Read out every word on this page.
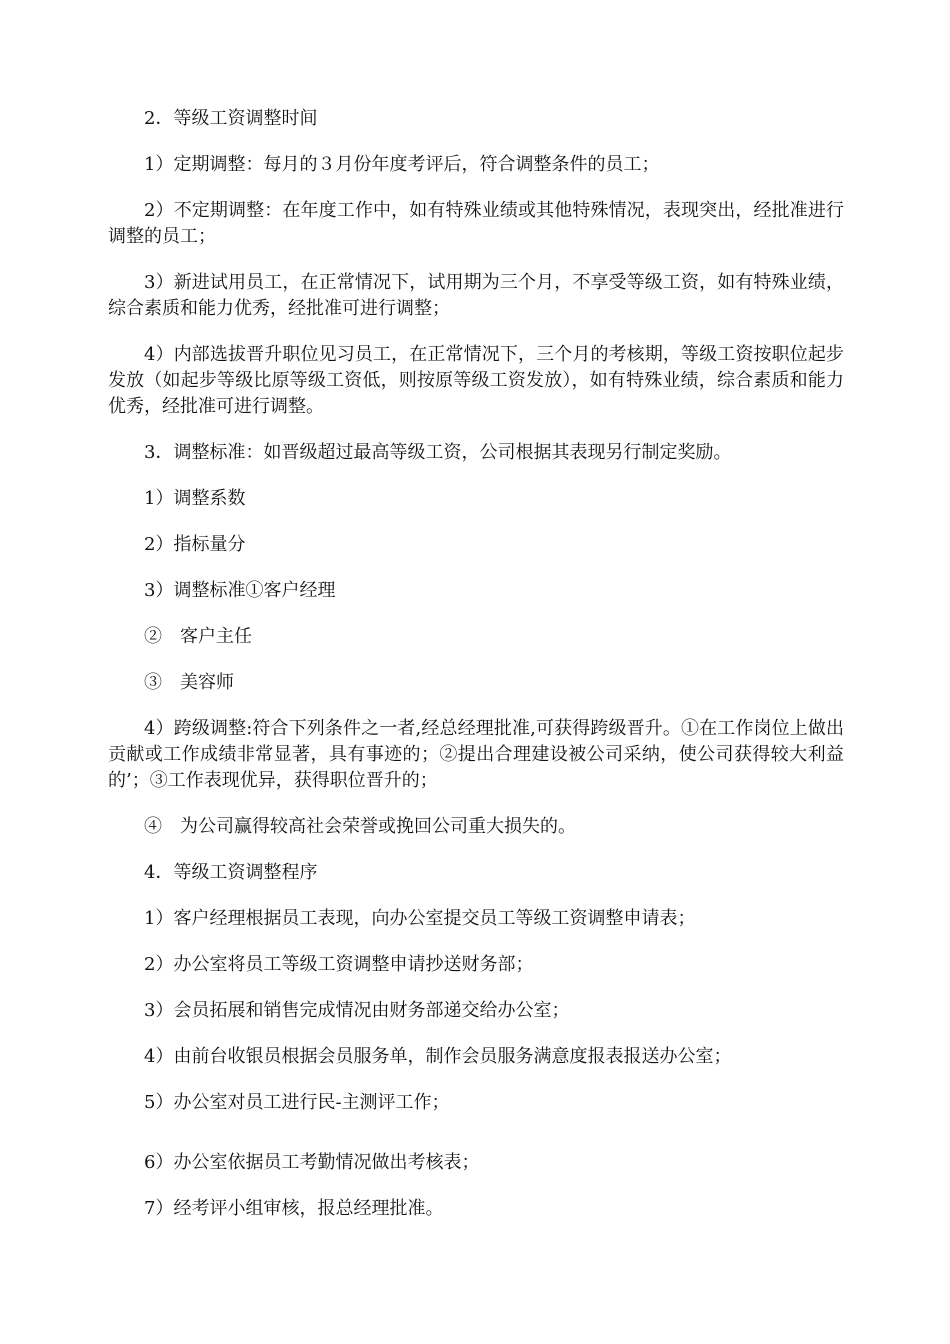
2．等级工资调整时间

1）定期调整：每月的３月份年度考评后，符合调整条件的员工；

2）不定期调整：在年度工作中，如有特殊业绩或其他特殊情况，表现突出，经批准进行调整的员工；

3）新进试用员工，在正常情况下，试用期为三个月，不享受等级工资，如有特殊业绩，综合素质和能力优秀，经批准可进行调整；

4）内部选拔晋升职位见习员工，在正常情况下，三个月的考核期，等级工资按职位起步发放（如起步等级比原等级工资低，则按原等级工资发放），如有特殊业绩，综合素质和能力优秀，经批准可进行调整。

3．调整标准：如晋级超过最高等级工资，公司根据其表现另行制定奖励。

1）调整系数

2）指标量分

3）调整标准①客户经理

②　客户主任

③　美容师

4）跨级调整:符合下列条件之一者,经总经理批准,可获得跨级晋升。①在工作岗位上做出贡献或工作成绩非常显著，具有事迹的；②提出合理建设被公司采纳，使公司获得较大利益的’；③工作表现优异，获得职位晋升的；

④　为公司赢得较高社会荣誉或挽回公司重大损失的。

4．等级工资调整程序

1）客户经理根据员工表现，向办公室提交员工等级工资调整申请表；

2）办公室将员工等级工资调整申请抄送财务部；

3）会员拓展和销售完成情况由财务部递交给办公室；

4）由前台收银员根据会员服务单，制作会员服务满意度报表报送办公室；

5）办公室对员工进行民-主测评工作；

6）办公室依据员工考勤情况做出考核表；

7）经考评小组审核，报总经理批准。
